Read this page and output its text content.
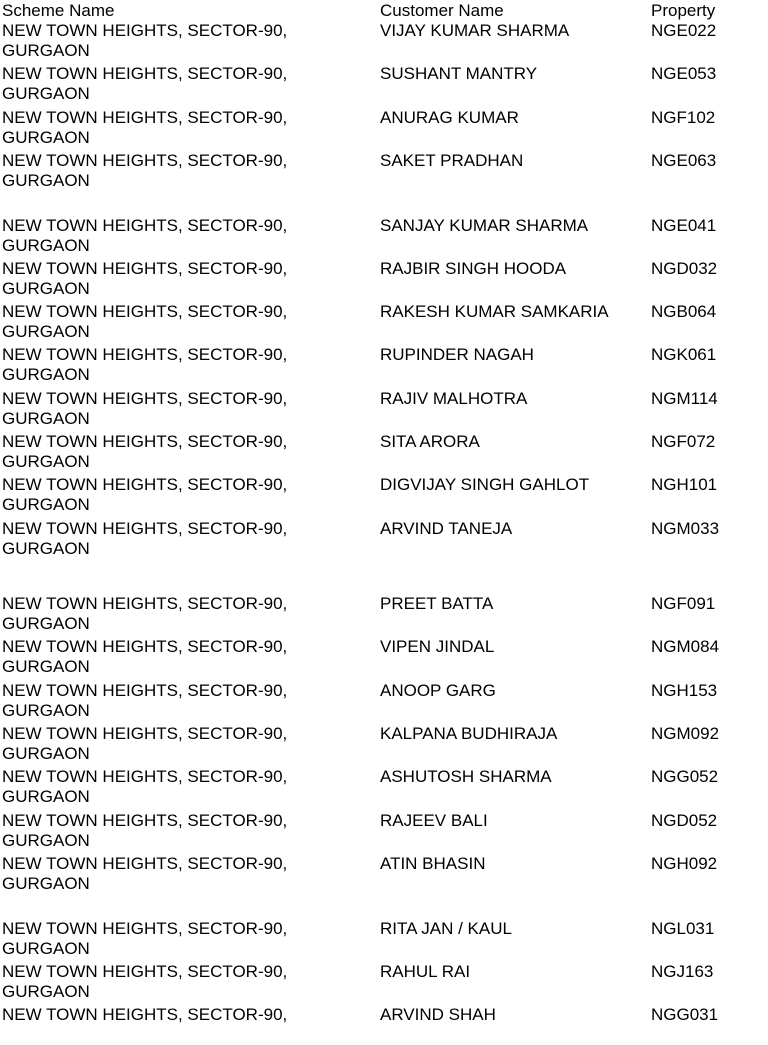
Scheme Name	Customer Name	Property
NEW TOWN HEIGHTS, SECTOR-90,
GURGAON
VIJAY KUMAR SHARMA	NGE022
NEW TOWN HEIGHTS, SECTOR-90,
GURGAON
SUSHANT MANTRY	NGE053
NEW TOWN HEIGHTS, SECTOR-90,
GURGAON
ANURAG KUMAR	NGF102
NEW TOWN HEIGHTS, SECTOR-90,
GURGAON
SAKET PRADHAN	NGE063
NEW TOWN HEIGHTS, SECTOR-90,
GURGAON
SANJAY KUMAR SHARMA	NGE041
NEW TOWN HEIGHTS, SECTOR-90,
GURGAON
RAJBIR SINGH HOODA	NGD032
NEW TOWN HEIGHTS, SECTOR-90,
GURGAON
RAKESH KUMAR SAMKARIA NGB064
NEW TOWN HEIGHTS, SECTOR-90,
GURGAON
RUPINDER NAGAH	NGK061
NEW TOWN HEIGHTS, SECTOR-90,
GURGAON
RAJIV MALHOTRA	NGM114
NEW TOWN HEIGHTS, SECTOR-90,
GURGAON
SITA ARORA	NGF072
NEW TOWN HEIGHTS, SECTOR-90,
GURGAON
DIGVIJAY SINGH GAHLOT	NGH101
NEW TOWN HEIGHTS, SECTOR-90,
GURGAON
ARVIND TANEJA	NGM033
NEW TOWN HEIGHTS, SECTOR-90,
GURGAON
PREET BATTA	NGF091
NEW TOWN HEIGHTS, SECTOR-90,
GURGAON
VIPEN JINDAL	NGM084
NEW TOWN HEIGHTS, SECTOR-90,
GURGAON
ANOOP GARG	NGH153
NEW TOWN HEIGHTS, SECTOR-90,
GURGAON
KALPANA BUDHIRAJA	NGM092
NEW TOWN HEIGHTS, SECTOR-90,
GURGAON
ASHUTOSH SHARMA	NGG052
NEW TOWN HEIGHTS, SECTOR-90,
GURGAON
RAJEEV BALI	NGD052
NEW TOWN HEIGHTS, SECTOR-90,
GURGAON
ATIN BHASIN	NGH092
NEW TOWN HEIGHTS, SECTOR-90,
GURGAON
RITA JAN / KAUL	NGL031
NEW TOWN HEIGHTS, SECTOR-90,
GURGAON
RAHUL RAI	NGJ163
NEW TOWN HEIGHTS, SECTOR-90,	ARVIND SHAH	NGG031
